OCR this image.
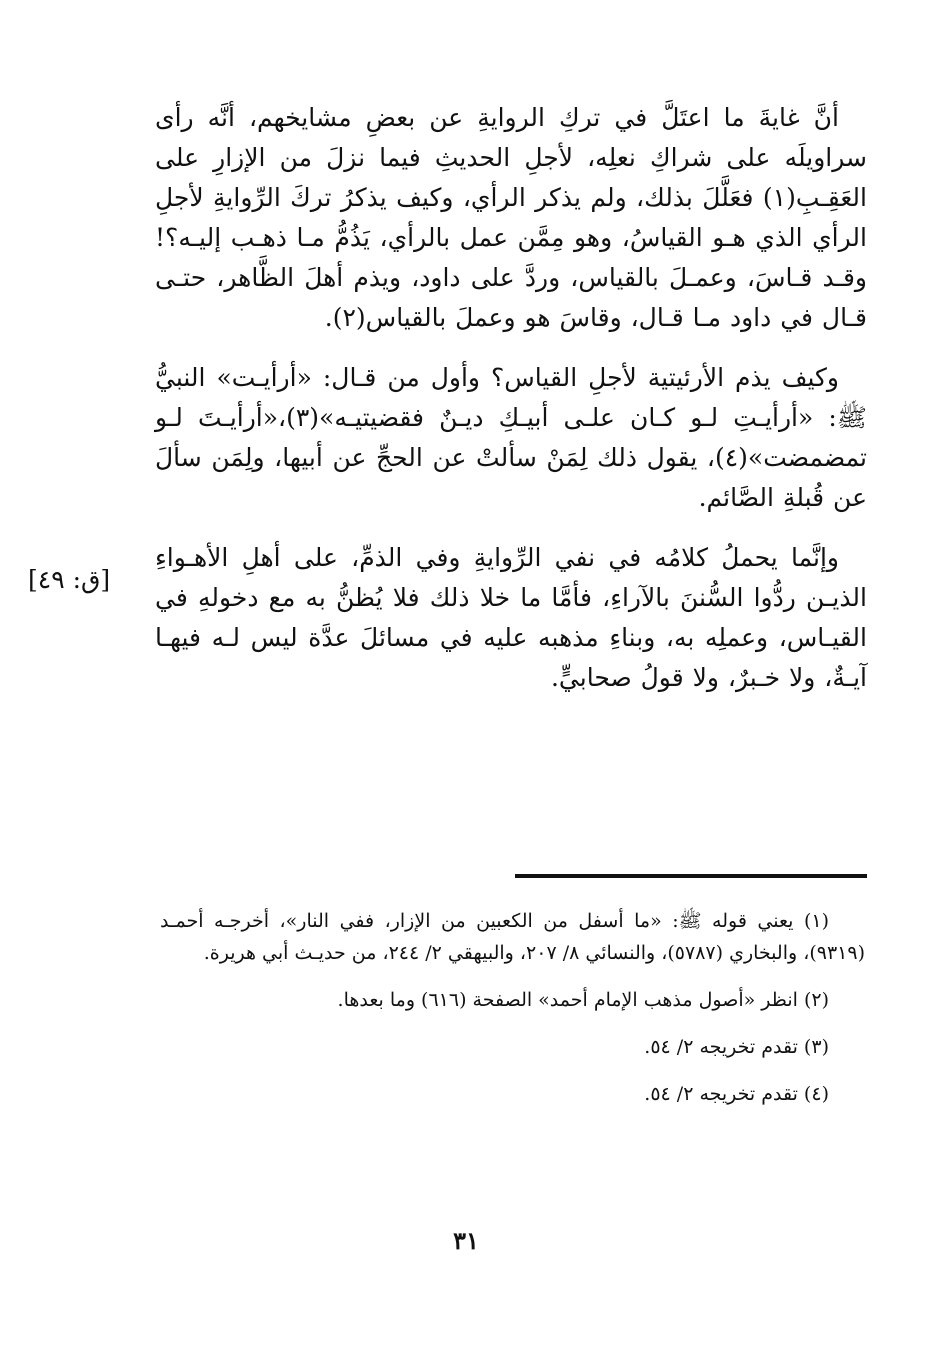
أنَّ غايةَ ما اعتَلَّ في تركِ الروايةِ عن بعضِ مشايخهم، أنَّه رأى سراويلَه على شراكِ نعلِه، لأجلِ الحديثِ فيما نزلَ من الإزارِ على العَقِـبِ(١) فعَلَّلَ بذلك، ولم يذكر الرأي، وكيف يذكرُ تركَ الرِّوايةِ لأجلِ الرأي الذي هـو القياسُ، وهو مِمَّن عمل بالرأي، يَذُمُّ مـا ذهـب إليـه؟! وقـد قـاسَ، وعمـلَ بالقياس، وردَّ على داود، ويذم أهلَ الظَّاهر، حتـى قـال في داود مـا قـال، وقاسَ هو وعملَ بالقياس(٢).

وكيف يذم الأرئيتية لأجلِ القياس؟ وأول من قـال: «أرأيـت» النبيُّ ﷺ: «أرأيـتِ لـو كـان علـى أبيـكِ ديـنٌ فقضيتيـه»(٣)،«أرأيـتَ لـو تمضمضت»(٤)، يقول ذلك لِمَنْ سألتْ عن الحجِّ عن أبيها، ولِمَن سألَ عن قُبلةِ الصَّائم.

وإنَّما يحملُ كلامُه في نفي الرِّوايةِ وفي الذمِّ، على أهلِ الأهـواءِ الذيـن ردُّوا السُّننَ بالآراءِ، فأمَّا ما خلا ذلك فلا يُظنُّ به مع دخولهِ في القيـاس، وعملِه به، وبناءِ مذهبه عليه في مسائلَ عدَّة ليس لـه فيهـا آيـةٌ، ولا خـبرٌ، ولا قولُ صحابيٍّ.

[ق: ٤٩]

(١) يعني قوله ﷺ: «ما أسفل من الكعبين من الإزار، ففي النار»، أخرجـه أحمـد (٩٣١٩)، والبخاري (٥٧٨٧)، والنسائي ٨/ ٢٠٧، والبيهقي ٢/ ٢٤٤، من حديـث أبي هريرة.

(٢) انظر «أصول مذهب الإمام أحمد» الصفحة (٦١٦) وما بعدها.

(٣) تقدم تخريجه ٢/ ٥٤.

(٤) تقدم تخريجه ٢/ ٥٤.

٣١
